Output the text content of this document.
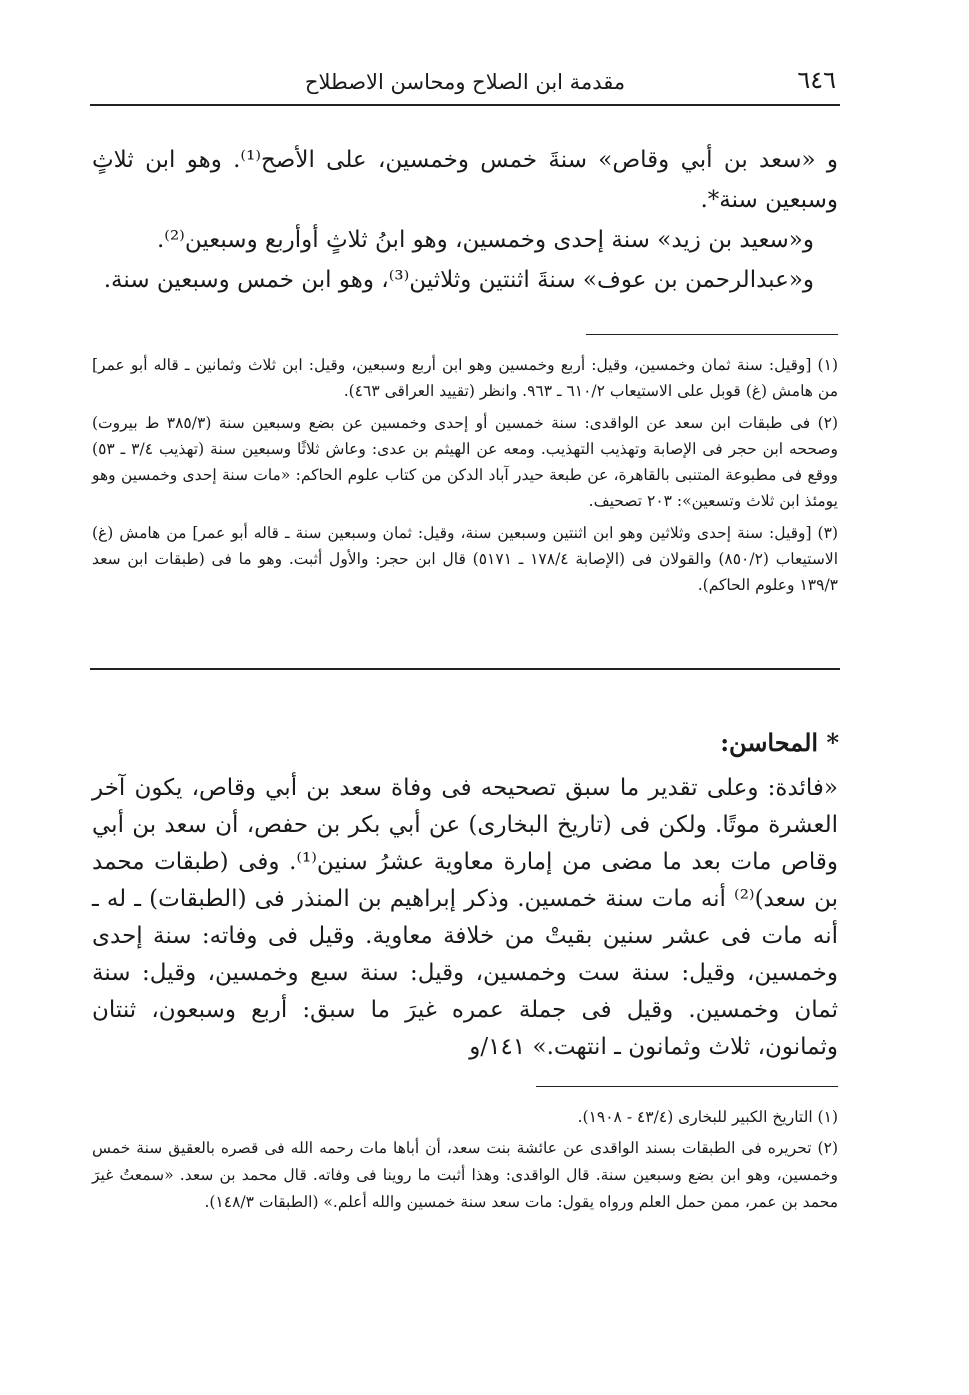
٦٤٦
مقدمة ابن الصلاح ومحاسن الاصطلاح

و «سعد بن أبي وقاص» سنةَ خمس وخمسين، على الأصح⁽¹⁾. وهو ابن ثلاثٍ وسبعين سنة*.

و«سعيد بن زيد» سنة إحدى وخمسين، وهو ابنُ ثلاثٍ أوأربع وسبعين⁽²⁾.

و«عبدالرحمن بن عوف» سنةَ اثنتين وثلاثين⁽³⁾، وهو ابن خمس وسبعين سنة.

(١) [وقيل: سنة ثمان وخمسين، وقيل: أربع وخمسين وهو ابن أربع وسبعين، وقيل: ابن ثلاث وثمانين ـ قاله أبو عمر] من هامش (غ) قوبل على الاستيعاب ٦١٠/٢ ـ ٩٦٣. وانظر (تقييد العراقى ٤٦٣).

(٢) فى طبقات ابن سعد عن الواقدى: سنة خمسين أو إحدى وخمسين عن بضع وسبعين سنة (٣٨٥/٣ ط بيروت) وصححه ابن حجر فى الإصابة وتهذيب التهذيب. ومعه عن الهيثم بن عدى: وعاش ثلاثًا وسبعين سنة (تهذيب ٣/٤ ـ ٥٣) ووقع فى مطبوعة المتنبى بالقاهرة، عن طبعة حيدر آباد الدكن من كتاب علوم الحاكم: «مات سنة إحدى وخمسين وهو يومئذ ابن ثلاث وتسعين»: ٢٠٣ تصحيف.

(٣) [وقيل: سنة إحدى وثلاثين وهو ابن اثنتين وسبعين سنة، وقيل: ثمان وسبعين سنة ـ قاله أبو عمر] من هامش (غ) الاستيعاب (٨٥٠/٢) والقولان فى (الإصابة ١٧٨/٤ ـ ٥١٧١) قال ابن حجر: والأول أثبت. وهو ما فى (طبقات ابن سعد ١٣٩/٣ وعلوم الحاكم).

* المحاسن:

«فائدة: وعلى تقدير ما سبق تصحيحه فى وفاة سعد بن أبي وقاص، يكون آخر العشرة موتًا. ولكن فى (تاريخ البخارى) عن أبي بكر بن حفص، أن سعد بن أبي وقاص مات بعد ما مضى من إمارة معاوية عشرُ سنين⁽¹⁾. وفى (طبقات محمد بن سعد)⁽²⁾ أنه مات سنة خمسين. وذكر إبراهيم بن المنذر فى (الطبقات) ـ له ـ أنه مات فى عشر سنين بقيتْ من خلافة معاوية. وقيل فى وفاته: سنة إحدى وخمسين، وقيل: سنة ست وخمسين، وقيل: سنة سبع وخمسين، وقيل: سنة ثمان وخمسين. وقيل فى جملة عمره غيرَ ما سبق: أربع وسبعون، ثنتان وثمانون، ثلاث وثمانون ـ انتهت.» ١٤١/و

(١) التاريخ الكبير للبخارى (٤٣/٤ - ١٩٠٨).

(٢) تحريره فى الطبقات بسند الواقدى عن عائشة بنت سعد، أن أباها مات رحمه الله فى قصره بالعقيق سنة خمس وخمسين، وهو ابن بضع وسبعين سنة. قال الواقدى: وهذا أثبت ما روينا فى وفاته. قال محمد بن سعد. «سمعتُ غيرَ محمد بن عمر، ممن حمل العلم ورواه يقول: مات سعد سنة خمسين والله أعلم.» (الطبقات ١٤٨/٣).
